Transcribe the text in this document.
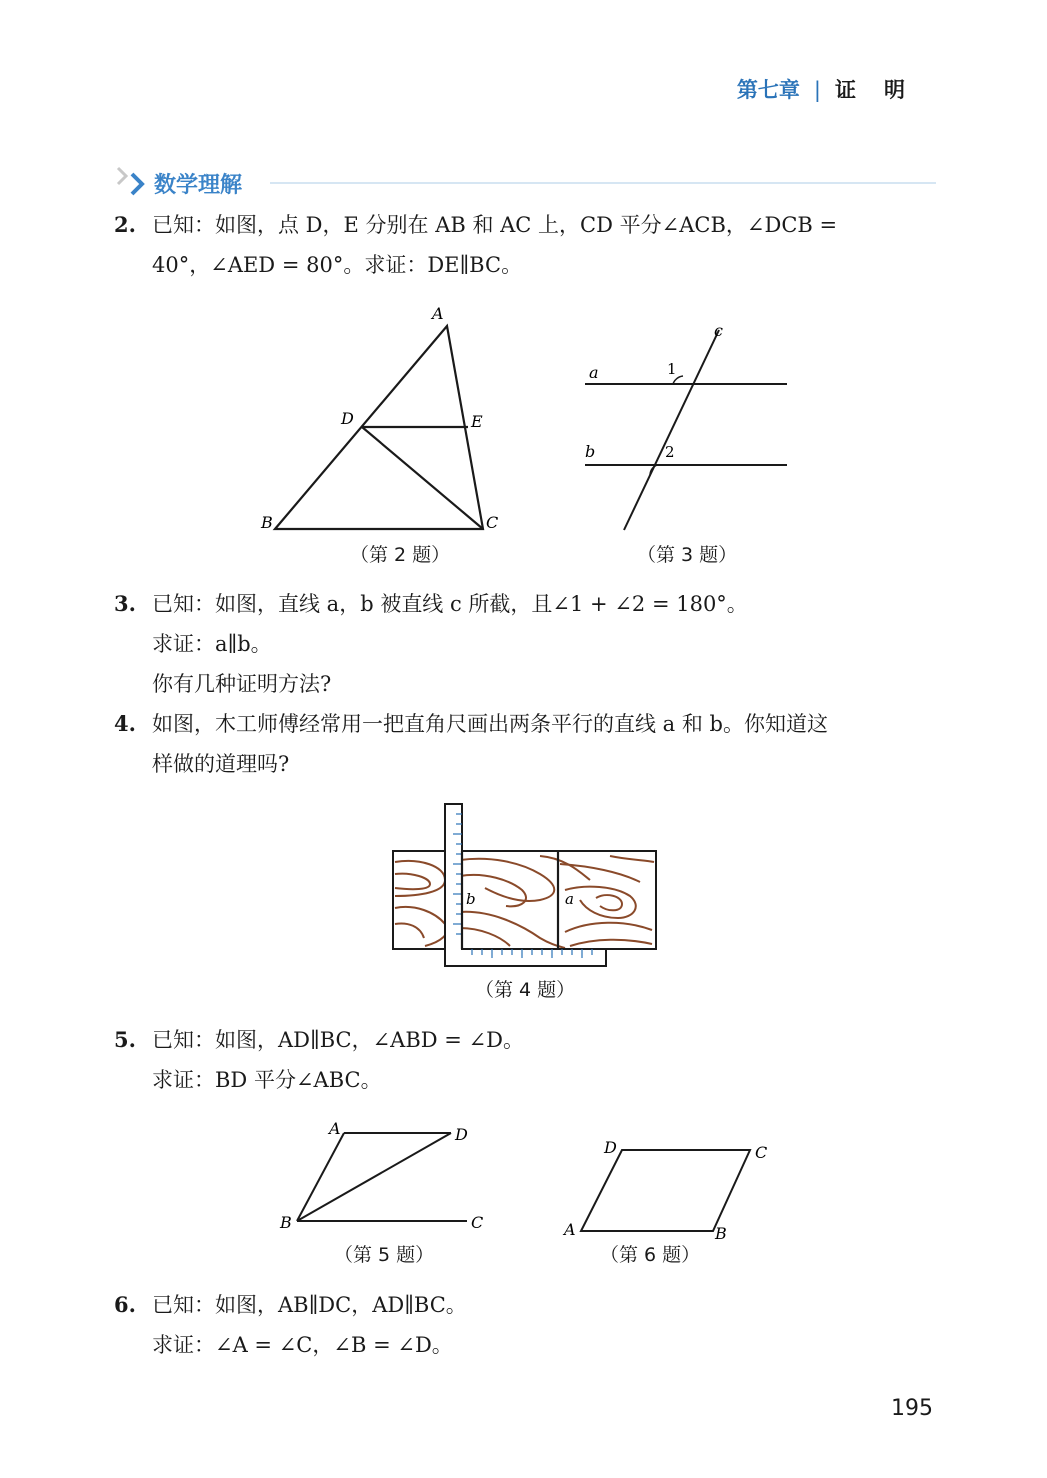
第七章 | 证明
数学理解
2. 已知：如图，点 D，E 分别在 AB 和 AC 上，CD 平分∠ACB，∠DCB =
40°，∠AED = 80°。求证：DE∥BC。
A
D	E
B	C
（第 2 题）
a
b
c
1
2
（第 3 题）
3. 已知：如图，直线 a，b 被直线 c 所截，且∠1 + ∠2 = 180°。
求证：a∥b。
你有几种证明方法?
4. 如图，木工师傅经常用一把直角尺画出两条平行的直线 a 和 b。你知道这
样做的道理吗?
b	a
（第 4 题）
5. 已知：如图，AD∥BC，∠ABD = ∠D。
求证：BD 平分∠ABC。
A	D
B	C
（第 5 题）
D	C
A	B
（第 6 题）
6. 已知：如图，AB∥DC，AD∥BC。
求证：∠A = ∠C，∠B = ∠D。
195
